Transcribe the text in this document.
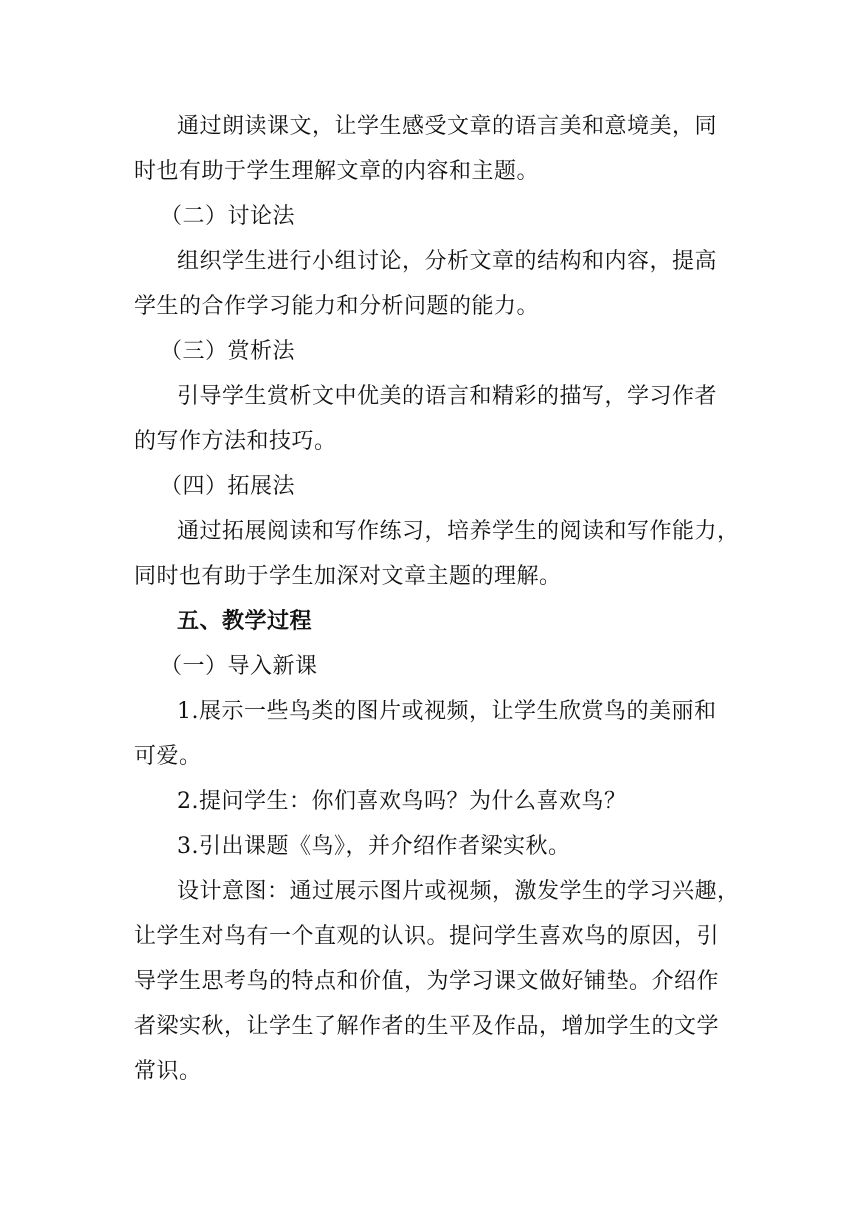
通过朗读课文，让学生感受文章的语言美和意境美，同
时也有助于学生理解文章的内容和主题。
（二）讨论法
组织学生进行小组讨论，分析文章的结构和内容，提高
学生的合作学习能力和分析问题的能力。
（三）赏析法
引导学生赏析文中优美的语言和精彩的描写，学习作者
的写作方法和技巧。
（四）拓展法
通过拓展阅读和写作练习，培养学生的阅读和写作能力，
同时也有助于学生加深对文章主题的理解。
五、教学过程
（一）导入新课
1.展示一些鸟类的图片或视频，让学生欣赏鸟的美丽和
可爱。
2.提问学生：你们喜欢鸟吗？为什么喜欢鸟？
3.引出课题《鸟》，并介绍作者梁实秋。
设计意图：通过展示图片或视频，激发学生的学习兴趣，
让学生对鸟有一个直观的认识。提问学生喜欢鸟的原因，引
导学生思考鸟的特点和价值，为学习课文做好铺垫。介绍作
者梁实秋，让学生了解作者的生平及作品，增加学生的文学
常识。
